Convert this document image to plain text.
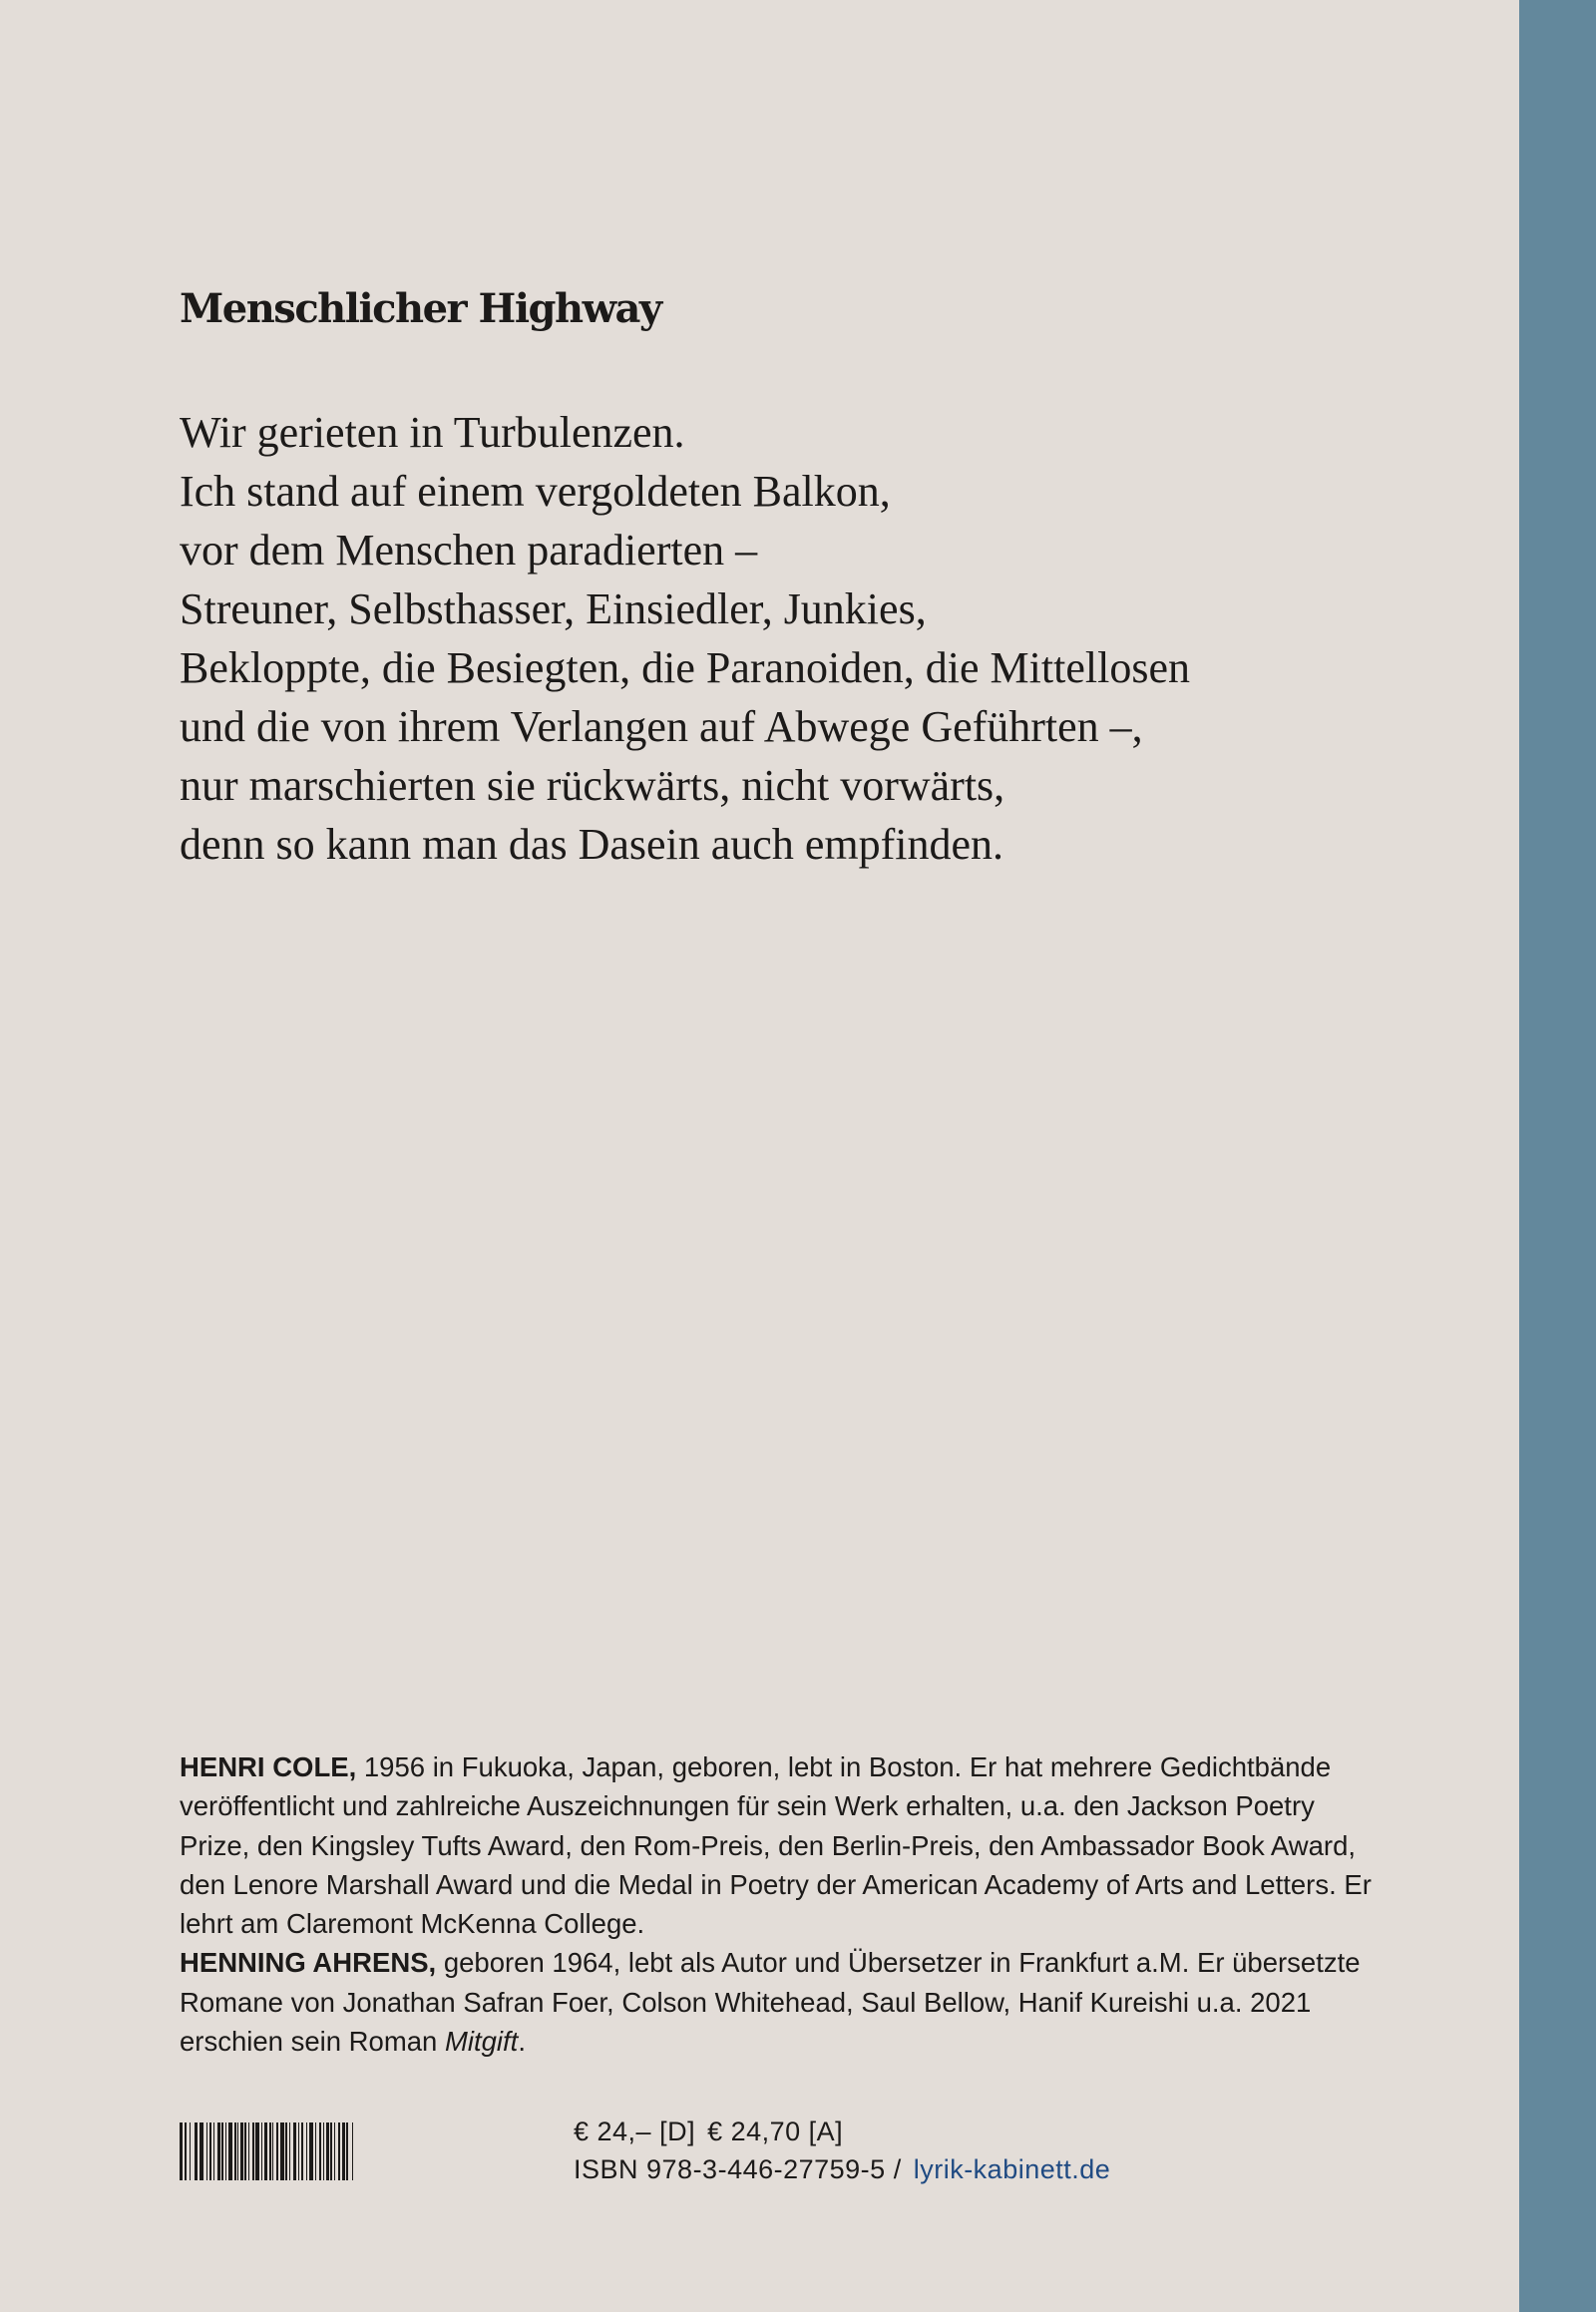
Menschlicher Highway
Wir gerieten in Turbulenzen.
Ich stand auf einem vergoldeten Balkon,
vor dem Menschen paradierten –
Streuner, Selbsthasser, Einsiedler, Junkies,
Bekloppte, die Besiegten, die Paranoiden, die Mittellosen
und die von ihrem Verlangen auf Abwege Geführten –,
nur marschierten sie rückwärts, nicht vorwärts,
denn so kann man das Dasein auch empfinden.

HENRI COLE, 1956 in Fukuoka, Japan, geboren, lebt in Boston. Er hat mehrere Gedichtbände veröffentlicht und zahlreiche Auszeichnungen für sein Werk erhalten, u.a. den Jackson Poetry Prize, den Kingsley Tufts Award, den Rom-Preis, den Berlin-Preis, den Ambassador Book Award, den Lenore Marshall Award und die Medal in Poetry der American Academy of Arts and Letters. Er lehrt am Claremont McKenna College.

HENNING AHRENS, geboren 1964, lebt als Autor und Übersetzer in Frankfurt a.M. Er übersetzte Romane von Jonathan Safran Foer, Colson Whitehead, Saul Bellow, Hanif Kureishi u.a. 2021 erschien sein Roman Mitgift.

€ 24,– [D] € 24,70 [A]
ISBN 978-3-446-27759-5 / lyrik-kabinett.de
